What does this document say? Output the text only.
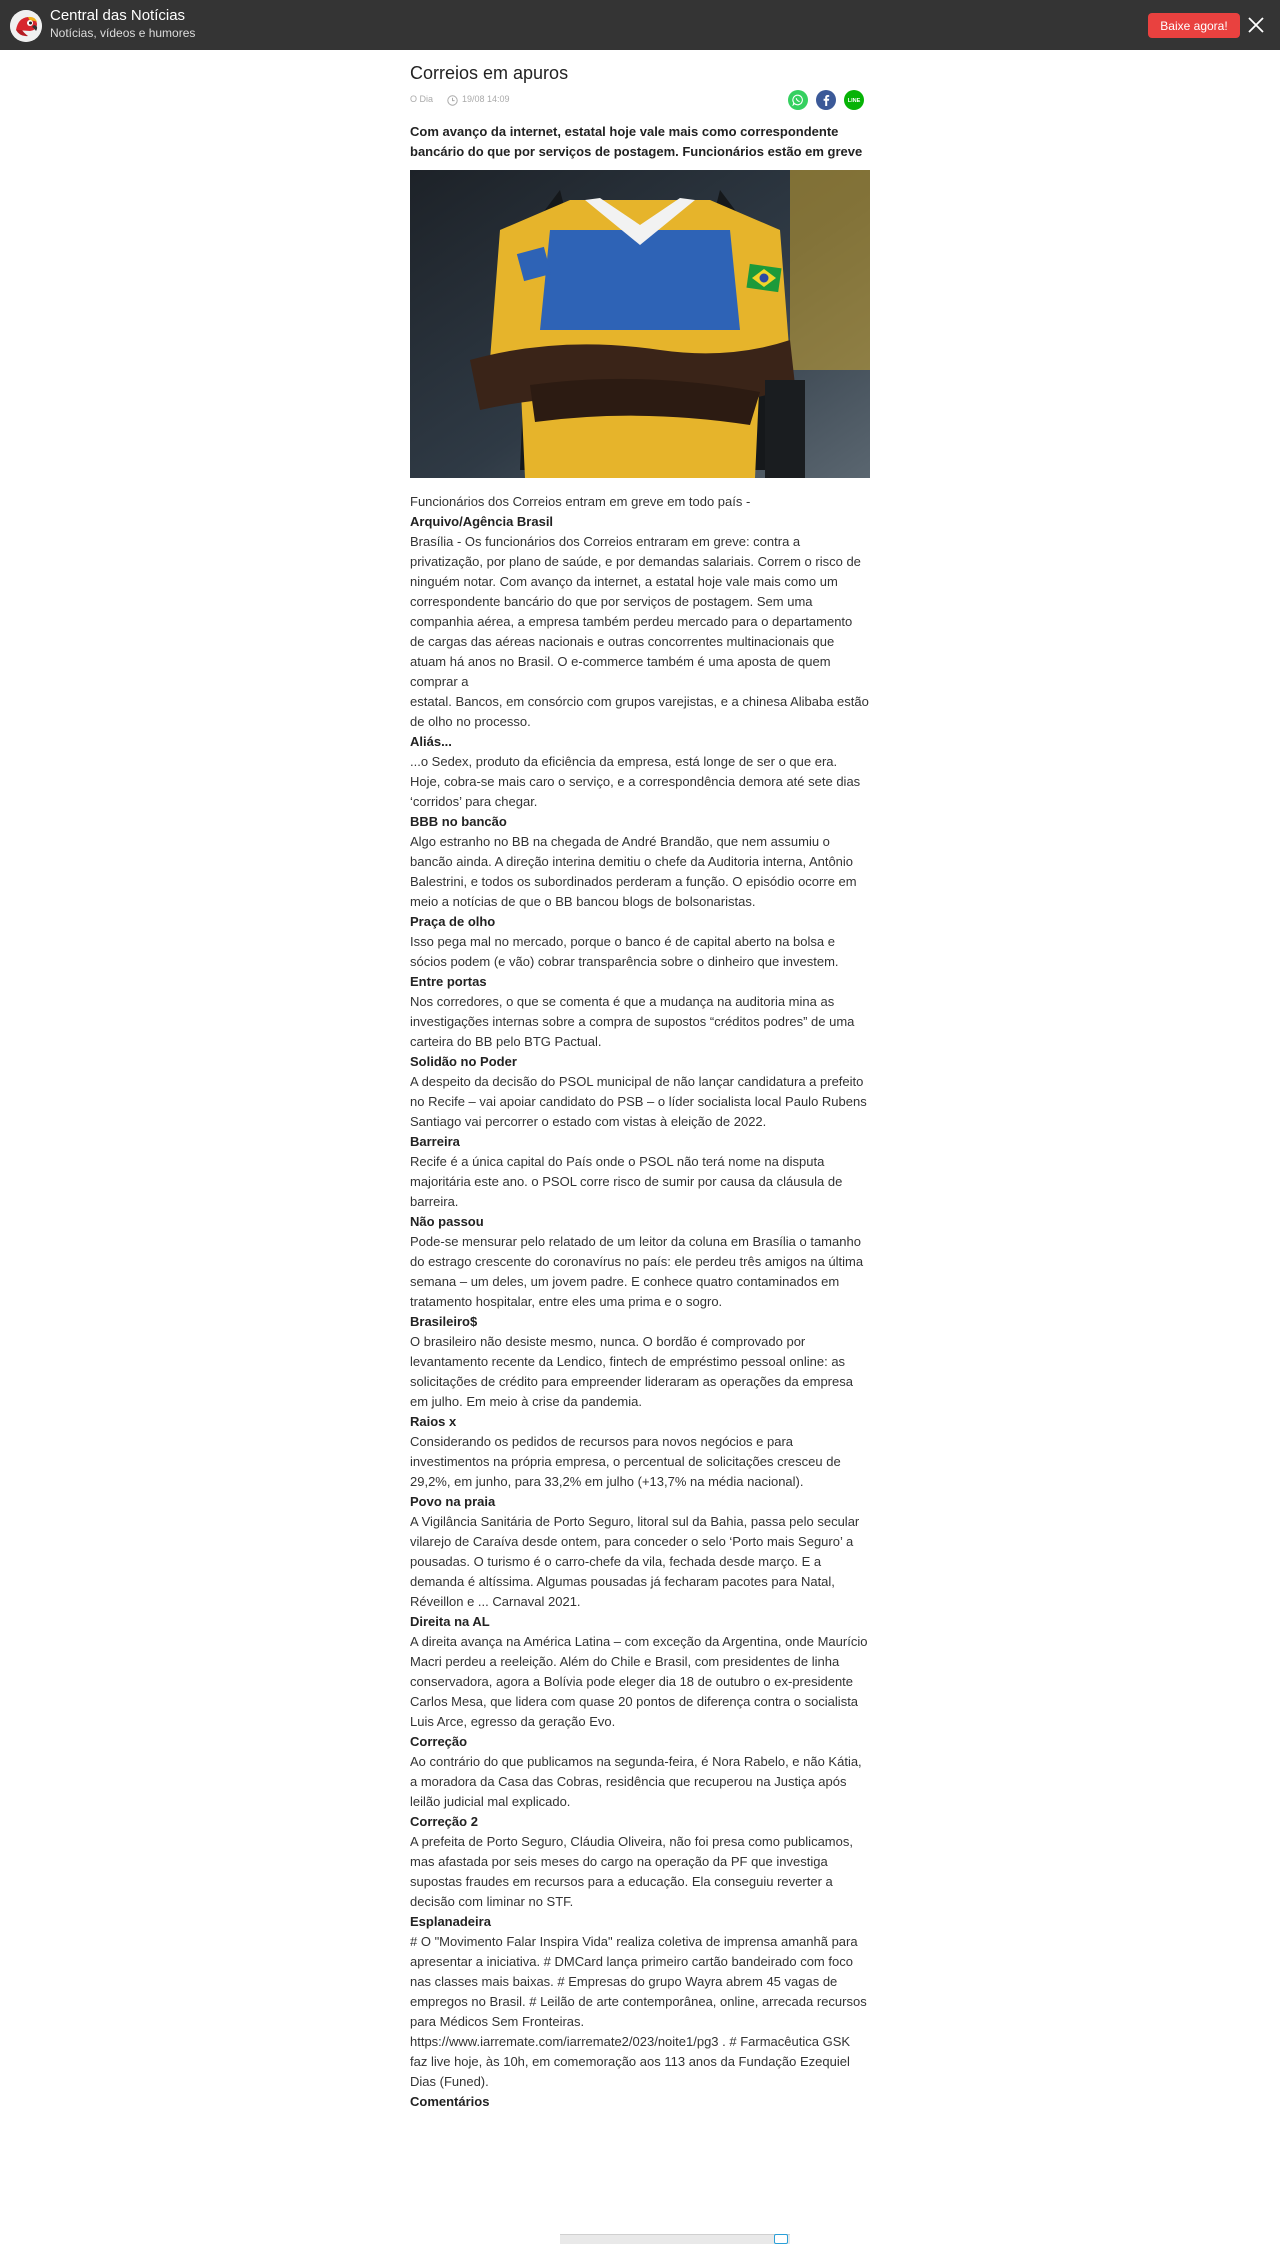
Central das Notícias
Notícias, vídeos e humores
Baixe agora!
Correios em apuros
O Dia	19/08 14:09	LINE

Com avanço da internet, estatal hoje vale mais como correspondente bancário do que por serviços de postagem. Funcionários estão em greve

Funcionários dos Correios entram em greve em todo país -

Arquivo/Agência Brasil

Brasília - Os funcionários dos Correios entraram em greve: contra a privatização, por plano de saúde, e por demandas salariais. Correm o risco de ninguém notar. Com avanço da internet, a estatal hoje vale mais como um correspondente bancário do que por serviços de postagem. Sem uma companhia aérea, a empresa também perdeu mercado para o departamento de cargas das aéreas nacionais e outras concorrentes multinacionais que atuam há anos no Brasil. O e-commerce também é uma aposta de quem comprar a

estatal. Bancos, em consórcio com grupos varejistas, e a chinesa Alibaba estão de olho no processo.

Aliás...

...o Sedex, produto da eficiência da empresa, está longe de ser o que era. Hoje, cobra-se mais caro o serviço, e a correspondência demora até sete dias ‘corridos’ para chegar.

BBB no bancão

Algo estranho no BB na chegada de André Brandão, que nem assumiu o bancão ainda. A direção interina demitiu o chefe da Auditoria interna, Antônio Balestrini, e todos os subordinados perderam a função. O episódio ocorre em meio a notícias de que o BB bancou blogs de bolsonaristas.

Praça de olho

Isso pega mal no mercado, porque o banco é de capital aberto na bolsa e sócios podem (e vão) cobrar transparência sobre o dinheiro que investem.

Entre portas

Nos corredores, o que se comenta é que a mudança na auditoria mina as investigações internas sobre a compra de supostos “créditos podres” de uma carteira do BB pelo BTG Pactual.

Solidão no Poder

A despeito da decisão do PSOL municipal de não lançar candidatura a prefeito no Recife – vai apoiar candidato do PSB – o líder socialista local Paulo Rubens Santiago vai percorrer o estado com vistas à eleição de 2022.

Barreira

Recife é a única capital do País onde o PSOL não terá nome na disputa majoritária este ano. o PSOL corre risco de sumir por causa da cláusula de barreira.

Não passou

Pode-se mensurar pelo relatado de um leitor da coluna em Brasília o tamanho do estrago crescente do coronavírus no país: ele perdeu três amigos na última semana – um deles, um jovem padre. E conhece quatro contaminados em tratamento hospitalar, entre eles uma prima e o sogro.

Brasileiro$

O brasileiro não desiste mesmo, nunca. O bordão é comprovado por levantamento recente da Lendico, fintech de empréstimo pessoal online: as solicitações de crédito para empreender lideraram as operações da empresa em julho. Em meio à crise da pandemia.

Raios x

Considerando os pedidos de recursos para novos negócios e para investimentos na própria empresa, o percentual de solicitações cresceu de 29,2%, em junho, para 33,2% em julho (+13,7% na média nacional).

Povo na praia

A Vigilância Sanitária de Porto Seguro, litoral sul da Bahia, passa pelo secular vilarejo de Caraíva desde ontem, para conceder o selo ‘Porto mais Seguro’ a pousadas. O turismo é o carro-chefe da vila, fechada desde março. E a demanda é altíssima. Algumas pousadas já fecharam pacotes para Natal, Réveillon e ... Carnaval 2021.

Direita na AL

A direita avança na América Latina – com exceção da Argentina, onde Maurício Macri perdeu a reeleição. Além do Chile e Brasil, com presidentes de linha conservadora, agora a Bolívia pode eleger dia 18 de outubro o ex-presidente Carlos Mesa, que lidera com quase 20 pontos de diferença contra o socialista Luis Arce, egresso da geração Evo.

Correção

Ao contrário do que publicamos na segunda-feira, é Nora Rabelo, e não Kátia, a moradora da Casa das Cobras, residência que recuperou na Justiça após leilão judicial mal explicado.

Correção 2

A prefeita de Porto Seguro, Cláudia Oliveira, não foi presa como publicamos, mas afastada por seis meses do cargo na operação da PF que investiga supostas fraudes em recursos para a educação. Ela conseguiu reverter a decisão com liminar no STF.

Esplanadeira

# O "Movimento Falar Inspira Vida" realiza coletiva de imprensa amanhã para apresentar a iniciativa. # DMCard lança primeiro cartão bandeirado com foco nas classes mais baixas. # Empresas do grupo Wayra abrem 45 vagas de empregos no Brasil. # Leilão de arte contemporânea, online, arrecada recursos para Médicos Sem Fronteiras. https://www.iarremate.com/iarremate2/023/noite1/pg3 . # Farmacêutica GSK faz live hoje, às 10h, em comemoração aos 113 anos da Fundação Ezequiel Dias (Funed).

Comentários
